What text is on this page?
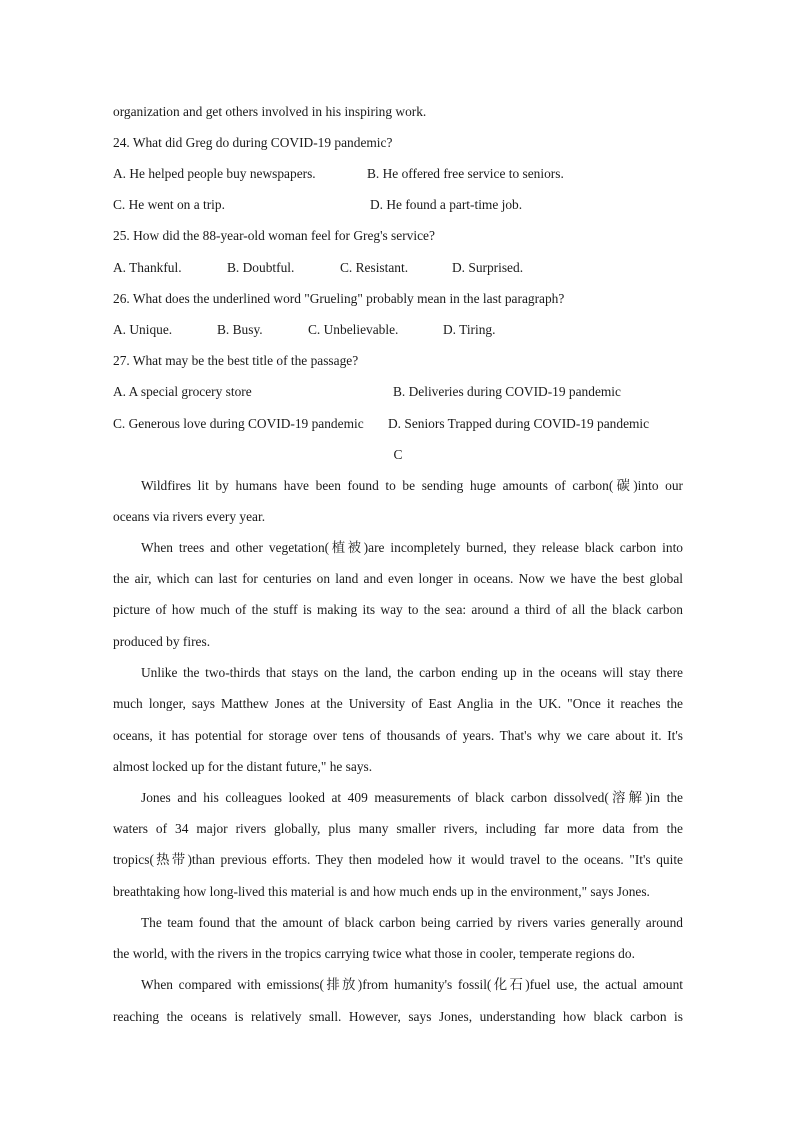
organization and get others involved in his inspiring work.
24. What did Greg do during COVID-19 pandemic?
A. He helped people buy newspapers.	B. He offered free service to seniors.
C. He went on a trip.	D. He found a part-time job.
25. How did the 88-year-old woman feel for Greg's service?
A. Thankful.	B. Doubtful.	C. Resistant.	D. Surprised.
26. What does the underlined word "Grueling" probably mean in the last paragraph?
A. Unique.	B. Busy.	C. Unbelievable.	D. Tiring.
27. What may be the best title of the passage?
A. A special grocery store	B. Deliveries during COVID-19 pandemic
C. Generous love during COVID-19 pandemic D. Seniors Trapped during COVID-19 pandemic
C
Wildfires lit by humans have been found to be sending huge amounts of carbon(碳)into our
oceans via rivers every year.
When trees and other vegetation(植被)are incompletely burned, they release black carbon into
the air, which can last for centuries on land and even longer in oceans. Now we have the best global
picture of how much of the stuff is making its way to the sea: around a third of all the black carbon
produced by fires.
Unlike the two-thirds that stays on the land, the carbon ending up in the oceans will stay there
much longer, says Matthew Jones at the University of East Anglia in the UK. "Once it reaches the
oceans, it has potential for storage over tens of thousands of years. That's why we care about it. It's
almost locked up for the distant future," he says.
Jones and his colleagues looked at 409 measurements of black carbon dissolved(溶解)in the
waters of 34 major rivers globally, plus many smaller rivers, including far more data from the
tropics(热带)than previous efforts. They then modeled how it would travel to the oceans. "It's quite
breathtaking how long-lived this material is and how much ends up in the environment," says Jones.
The team found that the amount of black carbon being carried by rivers varies generally around
the world, with the rivers in the tropics carrying twice what those in cooler, temperate regions do.
When compared with emissions(排放)from humanity's fossil(化石)fuel use, the actual amount
reaching the oceans is relatively small. However, says Jones, understanding how black carbon is
